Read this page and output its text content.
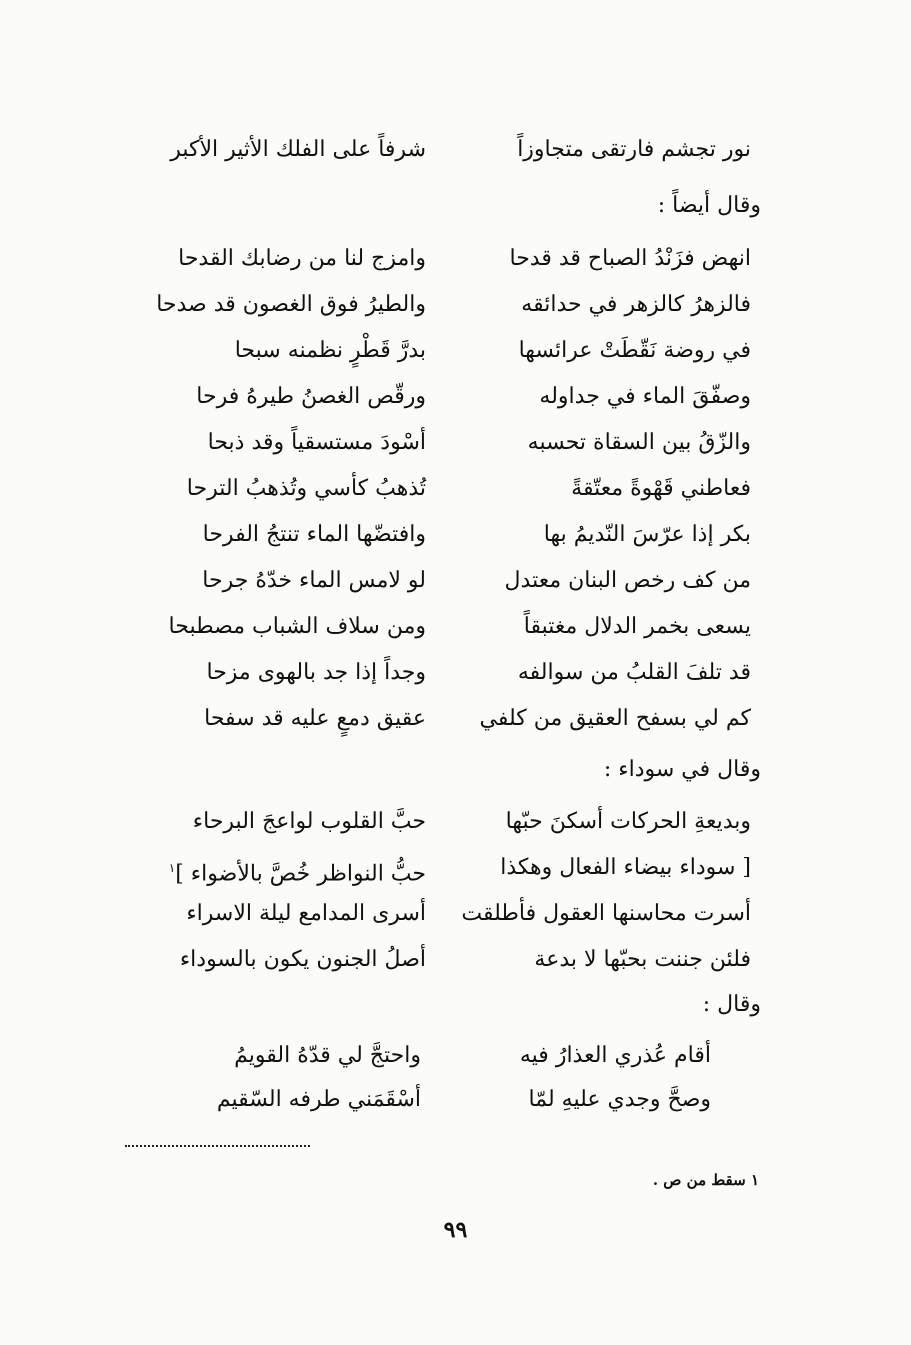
نور تجشم فارتقى متجاوزاً
شرفاً على الفلك الأثير الأكبر
وقال أيضاً :
انهض فزَنْدُ الصباح قد قدحا
وامزج لنا من رضابك القدحا
فالزهرُ كالزهر في حدائقه
والطيرُ فوق الغصون قد صدحا
في روضة نَقّطَتْ عرائسها
بدرَّ قَطْرٍ نظمنه سبحا
وصفّقَ الماء في جداوله
ورقّص الغصنُ طيرهُ فرحا
والزّقُ بين السقاة تحسبه
أسْودَ مستسقياً وقد ذبحا
فعاطني قَهْوةً معتّقةً
تُذهبُ كأسي وتُذهبُ الترحا
بكر إذا عرّسَ النّديمُ بها
وافتضّها الماء تنتجُ الفرحا
من كف رخص البنان معتدل
لو لامس الماء خدّهُ جرحا
يسعى بخمر الدلال مغتبقاً
ومن سلاف الشباب مصطبحا
قد تلفَ القلبُ من سوالفه
وجداً إذا جد بالهوى مزحا
كم لي بسفح العقيق من كلفي
عقيق دمعٍ عليه قد سفحا
وقال في سوداء :
وبديعةِ الحركات أسكنَ حبّها
حبَّ القلوب لواعجَ البرحاء
[ سوداء بيضاء الفعال وهكذا
حبُّ النواظر خُصَّ بالأضواء ]$^١$
أسرت محاسنها العقول فأطلقت
أسرى المدامع ليلة الاسراء
فلئن جننت بحبّها لا بدعة
أصلُ الجنون يكون بالسوداء
وقال :
أقام عُذري العذارُ فيه
واحتجَّ لي قدّهُ القويمُ
وصحَّ وجدي عليهِ لمّا
أسْقَمَني طرفه السّقيم
١ سقط من ص .
٩٩
